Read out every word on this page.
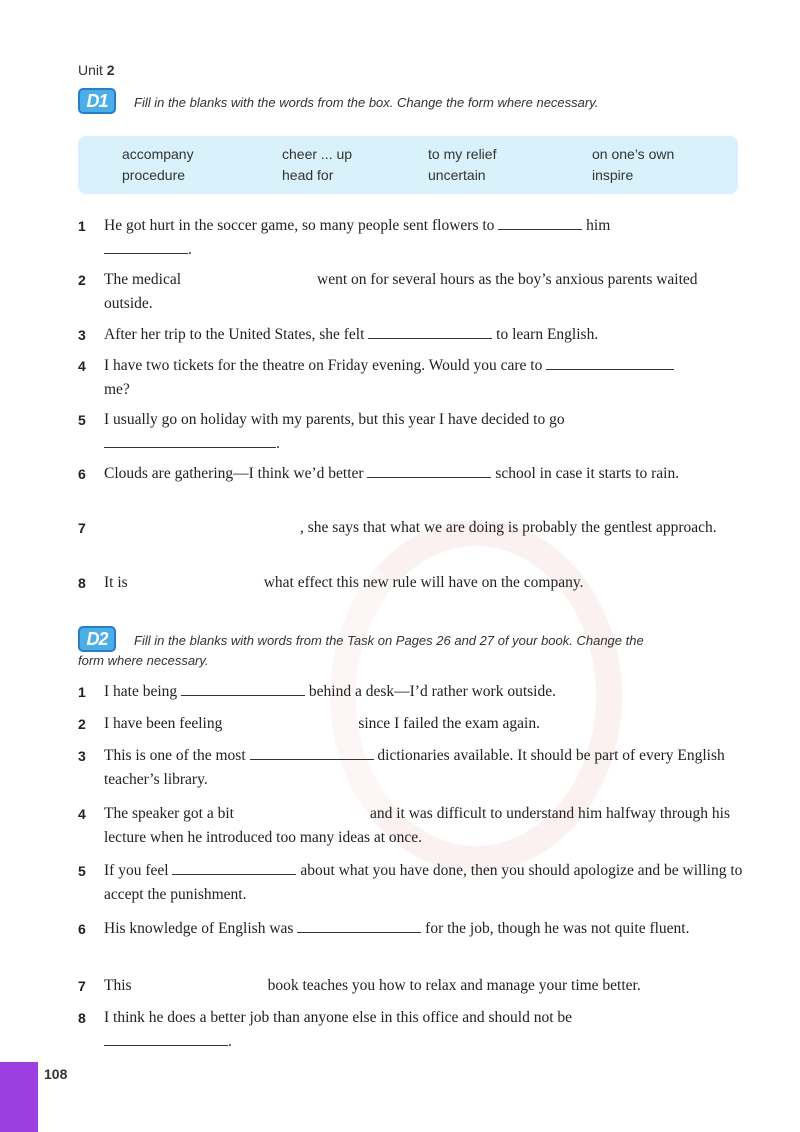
Unit 2
D1 Fill in the blanks with the words from the box. Change the form where necessary.
accompany	cheer ... up	to my relief	on one’s own
procedure	head for	uncertain	inspire
1	He got hurt in the soccer game, so many people sent flowers to	him
.
2	The medical	went on for several hours as the boy’s anxious parents waited outside.
3	After her trip to the United States, she felt	to learn English.
4	I have two tickets for the theatre on Friday evening. Would you care to
me?
5	I usually go on holiday with my parents, but this year I have decided to go
.
6	Clouds are gathering—I think we’d better	school in case it starts to rain.
7	, she says that what we are doing is probably the gentlest approach.
8	It is	what effect this new rule will have on the company.
D2 Fill in the blanks with words from the Task on Pages 26 and 27 of your book. Change the
form where necessary.
1	I hate being	behind a desk—I’d rather work outside.
2	I have been feeling	since I failed the exam again.
3	This is one of the most	dictionaries available. It should be part of every English teacher’s library.
4	The speaker got a bit	and it was difficult to understand him halfway through his lecture when he introduced too many ideas at once.
5	If you feel	about what you have done, then you should apologize and be willing to accept the punishment.
6	His knowledge of English was	for the job, though he was not quite fluent.
7	This	book teaches you how to relax and manage your time better.
8	I think he does a better job than anyone else in this office and should not be
.
108
